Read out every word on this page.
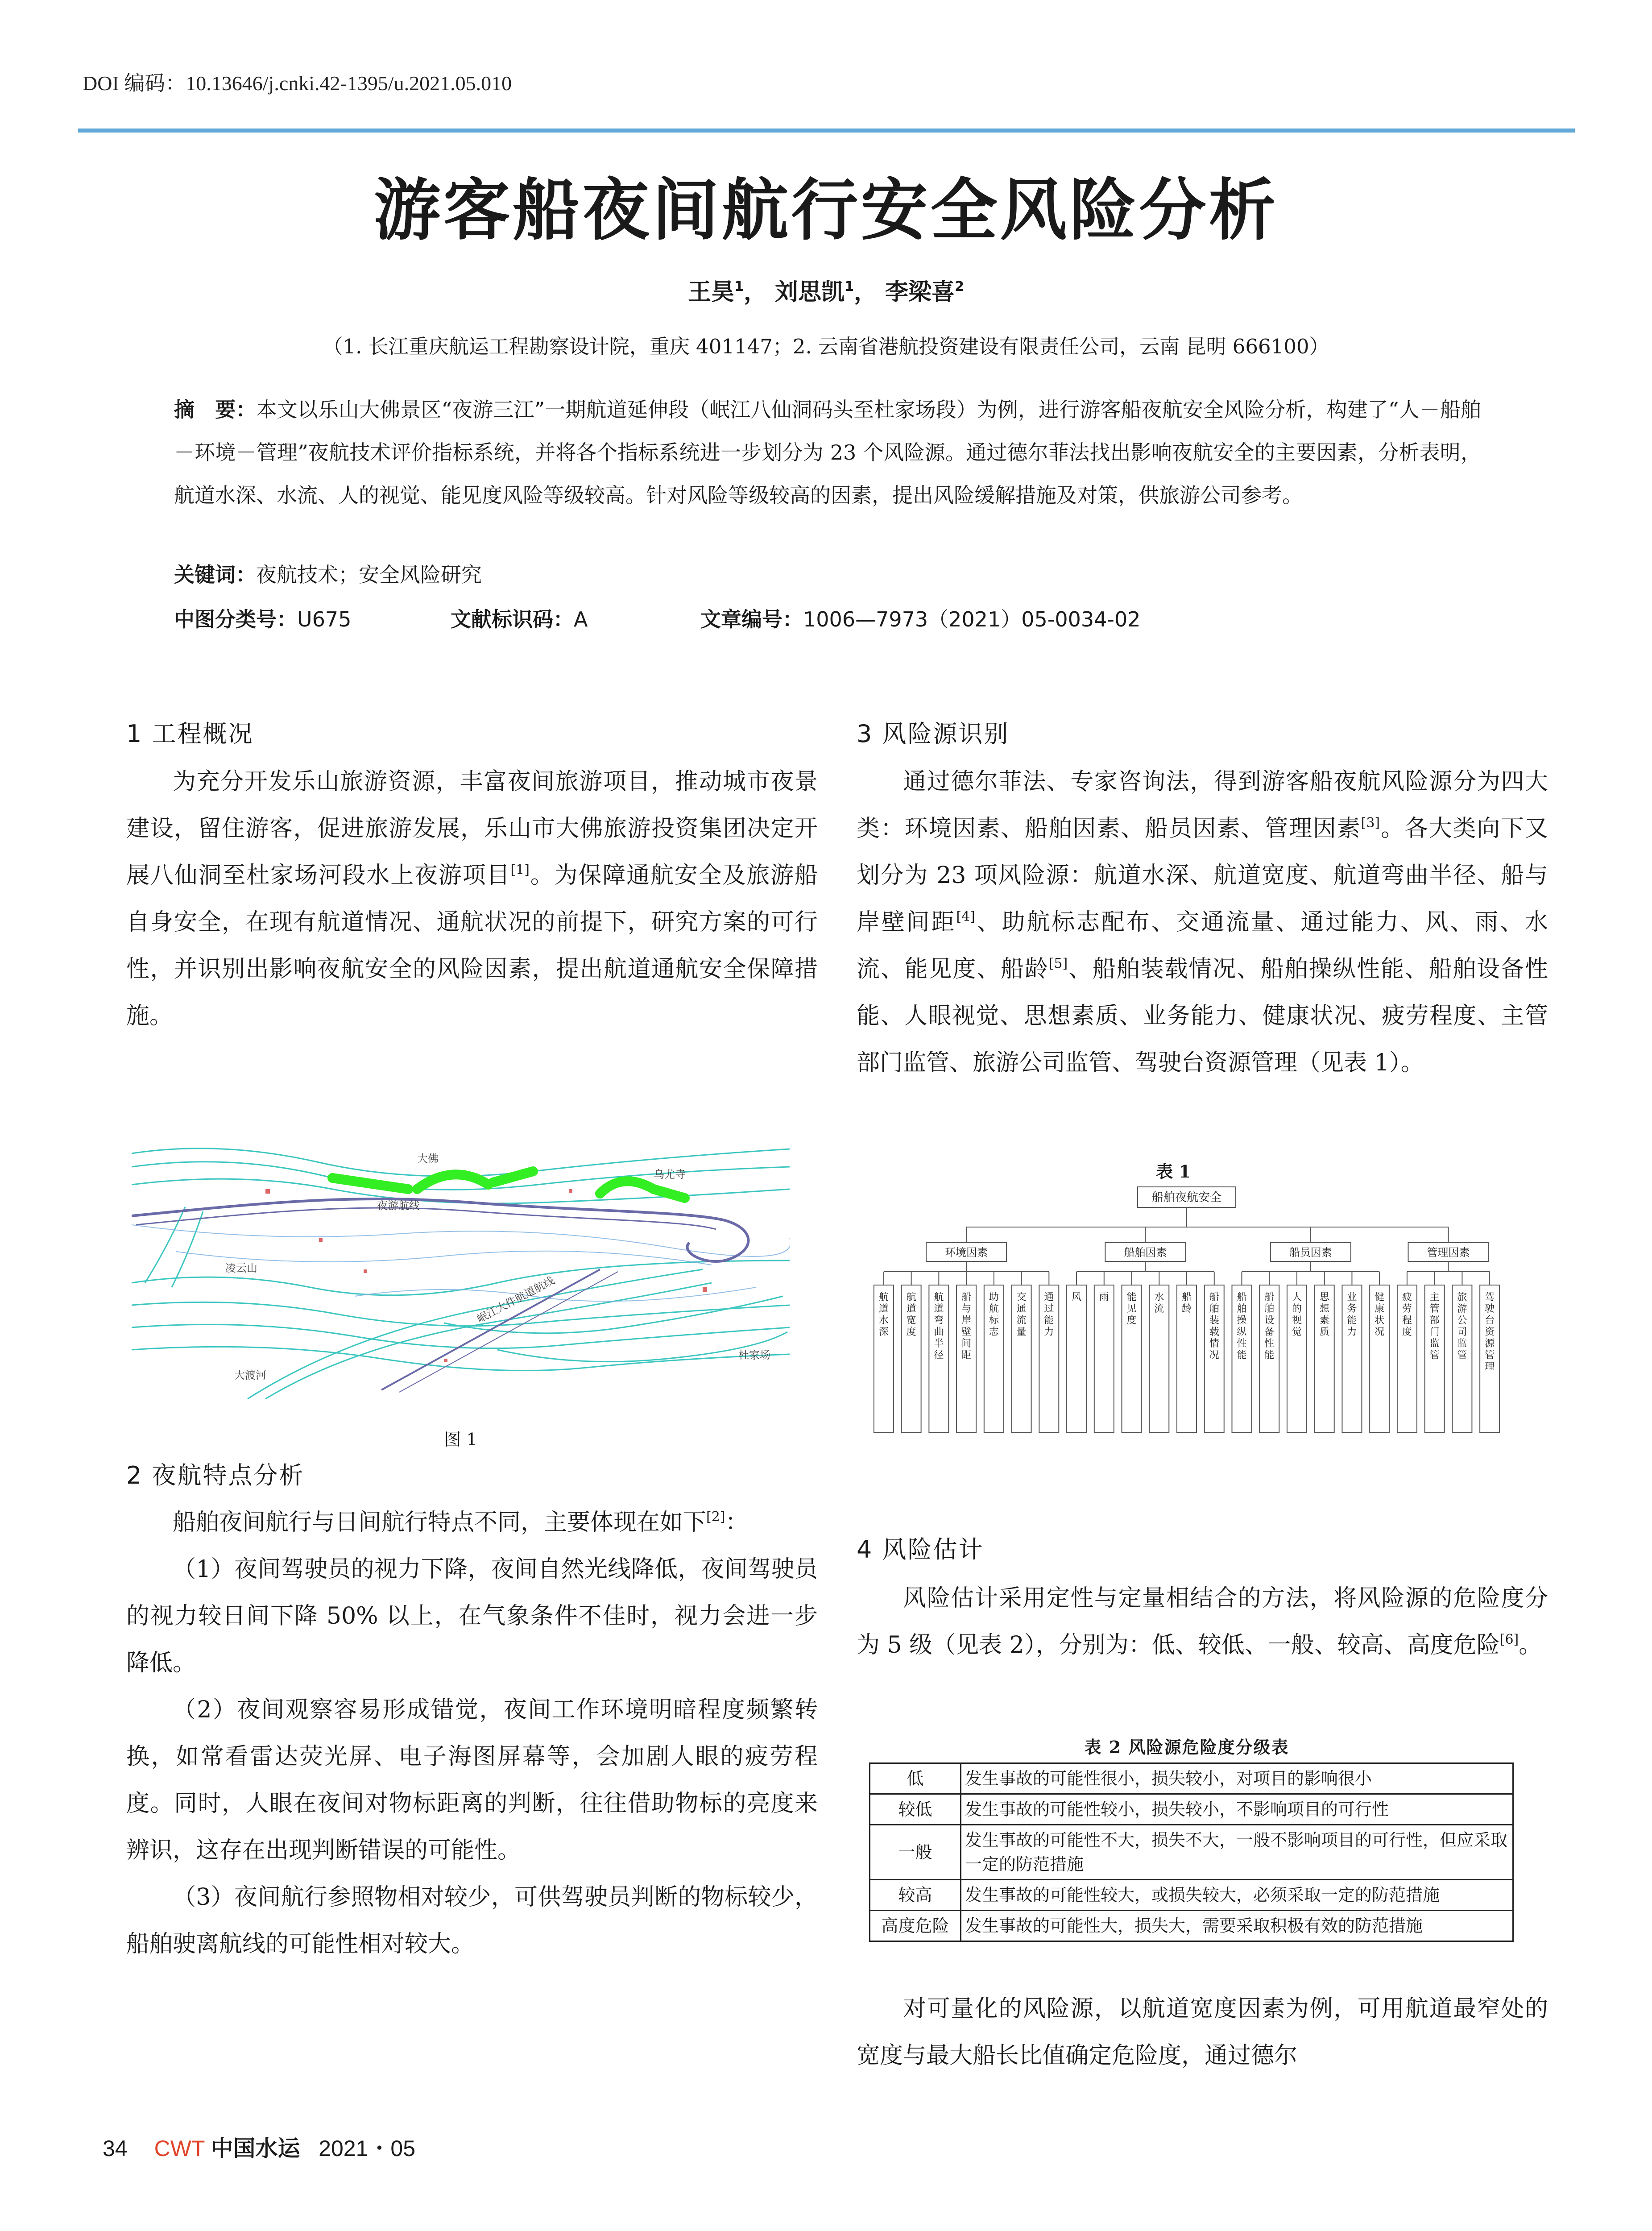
DOI 编码：10.13646/j.cnki.42-1395/u.2021.05.010
游客船夜间航行安全风险分析
王昊$^1$， 刘思凯$^1$， 李梁喜$^2$
（1. 长江重庆航运工程勘察设计院，重庆 401147；2. 云南省港航投资建设有限责任公司，云南 昆明 666100）
摘　要：本文以乐山大佛景区“夜游三江”一期航道延伸段（岷江八仙洞码头至杜家场段）为例，进行游客船夜航安全风险分析，构建了“人－船舶－环境－管理”夜航技术评价指标系统，并将各个指标系统进一步划分为 23 个风险源。通过德尔菲法找出影响夜航安全的主要因素，分析表明，航道水深、水流、人的视觉、能见度风险等级较高。针对风险等级较高的因素，提出风险缓解措施及对策，供旅游公司参考。
关键词：夜航技术；安全风险研究
中图分类号：U675	文献标识码：A	文章编号：1006—7973（2021）05-0034-02
1 工程概况

为充分开发乐山旅游资源，丰富夜间旅游项目，推动城市夜景建设，留住游客，促进旅游发展，乐山市大佛旅游投资集团决定开展八仙洞至杜家场河段水上夜游项目[1]。为保障通航安全及旅游船自身安全，在现有航道情况、通航状况的前提下，研究方案的可行性，并识别出影响夜航安全的风险因素，提出航道通航安全保障措施。

大佛
乌尤寺
夜游航线
岷江大件航道航线
大渡河
杜家场
凌云山
图 1
2 夜航特点分析

船舶夜间航行与日间航行特点不同，主要体现在如下[2]：

（1）夜间驾驶员的视力下降，夜间自然光线降低，夜间驾驶员的视力较日间下降 50% 以上，在气象条件不佳时，视力会进一步降低。

（2）夜间观察容易形成错觉，夜间工作环境明暗程度频繁转换，如常看雷达荧光屏、电子海图屏幕等，会加剧人眼的疲劳程度。同时，人眼在夜间对物标距离的判断，往往借助物标的亮度来辨识，这存在出现判断错误的可能性。

（3）夜间航行参照物相对较少，可供驾驶员判断的物标较少，船舶驶离航线的可能性相对较大。

3 风险源识别

通过德尔菲法、专家咨询法，得到游客船夜航风险源分为四大类：环境因素、船舶因素、船员因素、管理因素[3]。各大类向下又划分为 23 项风险源：航道水深、航道宽度、航道弯曲半径、船与岸壁间距[4]、助航标志配布、交通流量、通过能力、风、雨、水流、能见度、船龄[5]、船舶装载情况、船舶操纵性能、船舶设备性能、人眼视觉、思想素质、业务能力、健康状况、疲劳程度、主管部门监管、旅游公司监管、驾驶台资源管理（见表 1）。

表 1
船舶夜航安全
环境因素	船舶因素	船员因素	管理因素
航道水深
航道宽度
航道弯曲半径
船与岸壁间距
助航标志
交通流量
通过能力
风 雨 能见度
水流
船龄
船舶装载情况
船舶操纵性能
船舶设备性能
人的视觉
思想素质
业务能力
健康状况
疲劳程度
主管部门监管
旅游公司监管
驾驶台资源管理
4 风险估计

风险估计采用定性与定量相结合的方法，将风险源的危险度分为 5 级（见表 2），分别为：低、较低、一般、较高、高度危险[6]。

表 2 风险源危险度分级表
低	发生事故的可能性很小，损失较小，对项目的影响很小
较低	发生事故的可能性较小，损失较小，不影响项目的可行性
一般	发生事故的可能性不大，损失不大，一般不影响项目的可行性，但应采取一定的防范措施
较高	发生事故的可能性较大，或损失较大，必须采取一定的防范措施
高度危险	发生事故的可能性大，损失大，需要采取积极有效的防范措施

对可量化的风险源，以航道宽度因素为例，可用航道最窄处的宽度与最大船长比值确定危险度，通过德尔

34 CWT 中国水运 2021・05
